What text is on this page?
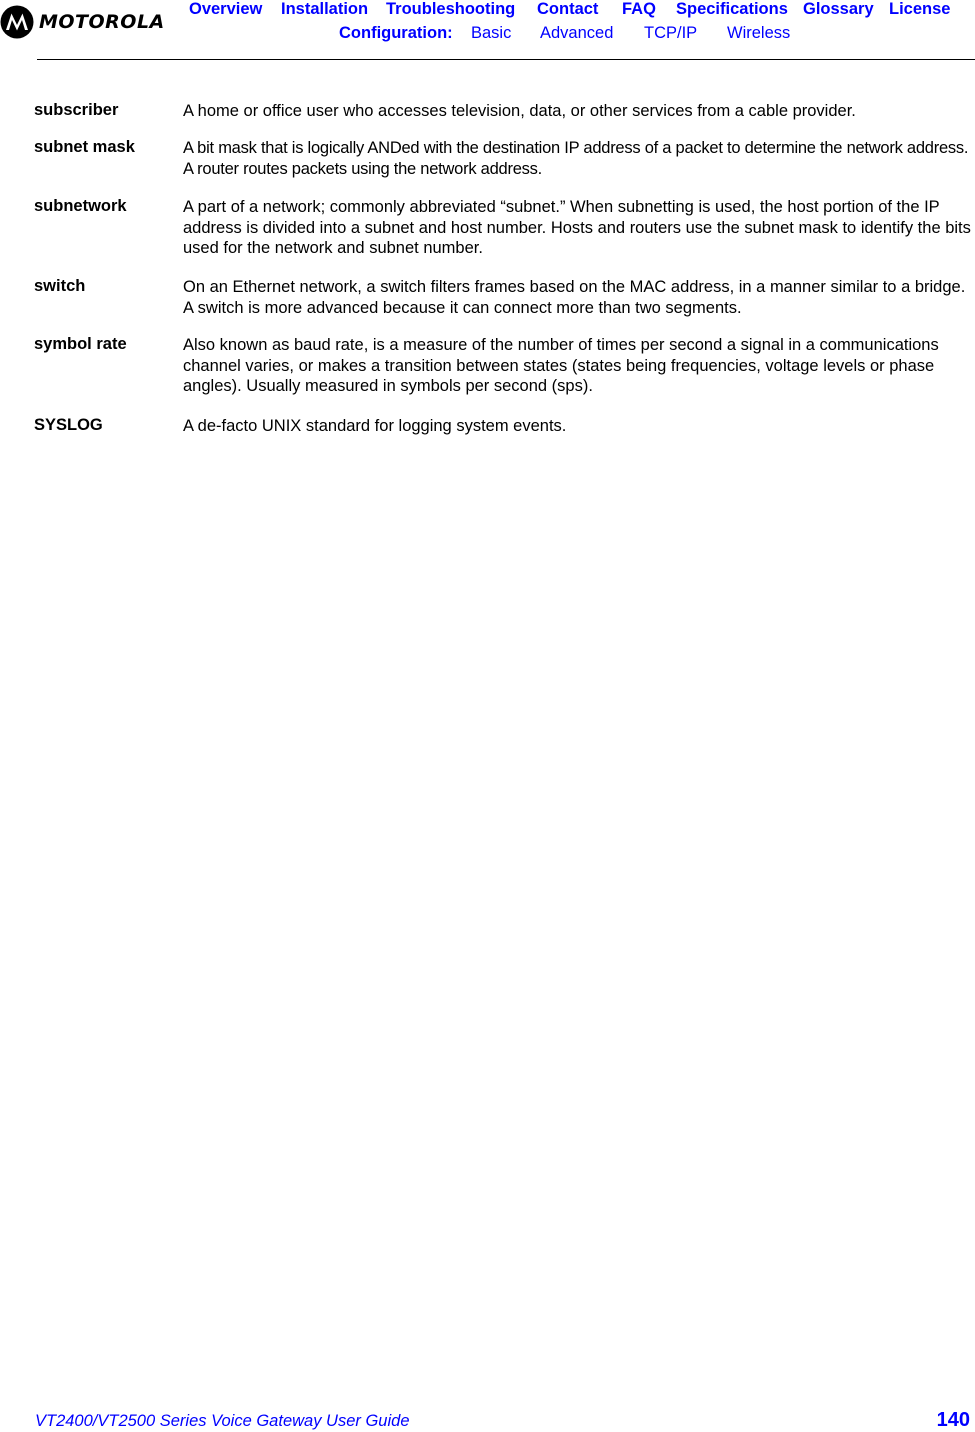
MOTOROLA
Overview Installation Troubleshooting Contact FAQ Specifications Glossary License
Configuration: Basic Advanced TCP/IP Wireless
subscriber	A home or office user who accesses television, data, or other services from a cable provider.
subnet mask	A bit mask that is logically ANDed with the destination IP address of a packet to determine the network address. A router routes packets using the network address.
subnetwork	A part of a network; commonly abbreviated “subnet.” When subnetting is used, the host portion of the IP address is divided into a subnet and host number. Hosts and routers use the subnet mask to identify the bits used for the network and subnet number.
switch	On an Ethernet network, a switch filters frames based on the MAC address, in a manner similar to a bridge. A switch is more advanced because it can connect more than two segments.
symbol rate	Also known as baud rate, is a measure of the number of times per second a signal in a communications channel varies, or makes a transition between states (states being frequencies, voltage levels or phase angles). Usually measured in symbols per second (sps).
SYSLOG	A de-facto UNIX standard for logging system events.
VT2400/VT2500 Series Voice Gateway User Guide	140
